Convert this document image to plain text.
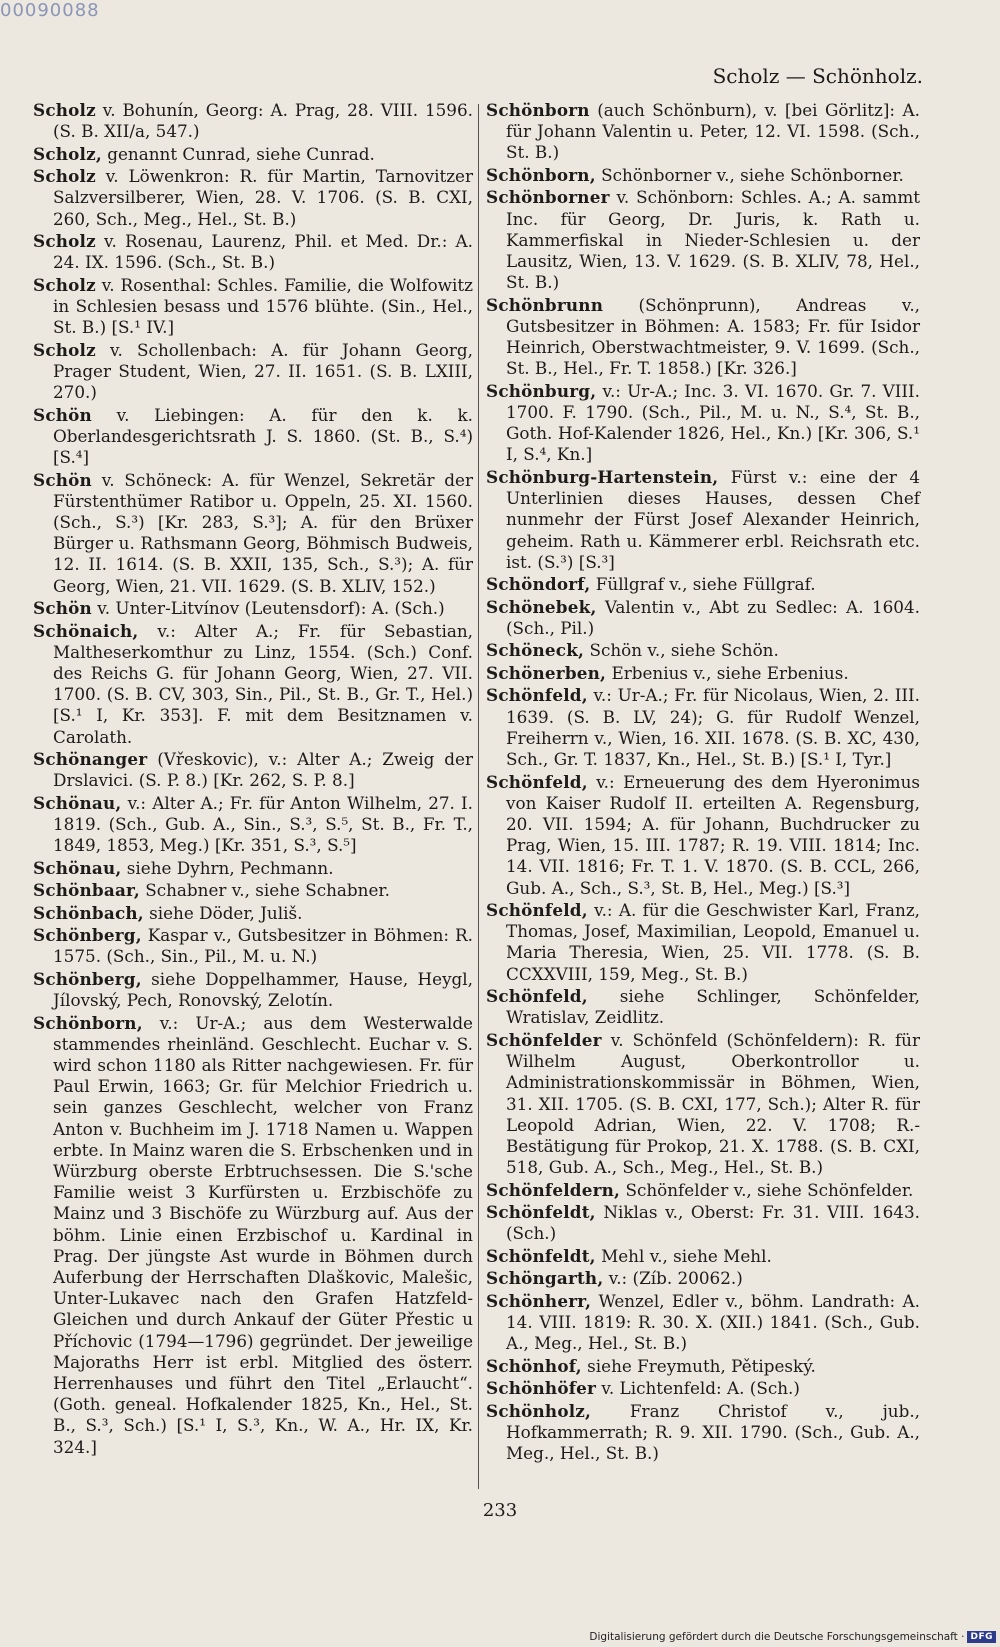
00090088
Scholz — Schönholz.

Scholz v. Bohunín, Georg: A. Prag, 28. VIII. 1596. (S. B. XII/a, 547.)

Scholz, genannt Cunrad, siehe Cunrad.

Scholz v. Löwenkron: R. für Martin, Tarnovitzer Salzversilberer, Wien, 28. V. 1706. (S. B. CXI, 260, Sch., Meg., Hel., St. B.)

Scholz v. Rosenau, Laurenz, Phil. et Med. Dr.: A. 24. IX. 1596. (Sch., St. B.)

Scholz v. Rosenthal: Schles. Familie, die Wolfowitz in Schlesien besass und 1576 blühte. (Sin., Hel., St. B.) [S.¹ IV.]

Scholz v. Schollenbach: A. für Johann Georg, Prager Student, Wien, 27. II. 1651. (S. B. LXIII, 270.)

Schön v. Liebingen: A. für den k. k. Oberlandesgerichtsrath J. S. 1860. (St. B., S.⁴) [S.⁴]

Schön v. Schöneck: A. für Wenzel, Sekretär der Fürstenthümer Ratibor u. Oppeln, 25. XI. 1560. (Sch., S.³) [Kr. 283, S.³]; A. für den Brüxer Bürger u. Rathsmann Georg, Böhmisch Budweis, 12. II. 1614. (S. B. XXII, 135, Sch., S.³); A. für Georg, Wien, 21. VII. 1629. (S. B. XLIV, 152.)

Schön v. Unter-Litvínov (Leutensdorf): A. (Sch.)

Schönaich, v.: Alter A.; Fr. für Sebastian, Maltheserkomthur zu Linz, 1554. (Sch.) Conf. des Reichs G. für Johann Georg, Wien, 27. VII. 1700. (S. B. CV, 303, Sin., Pil., St. B., Gr. T., Hel.) [S.¹ I, Kr. 353]. F. mit dem Besitznamen v. Carolath.

Schönanger (Vřeskovic), v.: Alter A.; Zweig der Drslavici. (S. P. 8.) [Kr. 262, S. P. 8.]

Schönau, v.: Alter A.; Fr. für Anton Wilhelm, 27. I. 1819. (Sch., Gub. A., Sin., S.³, S.⁵, St. B., Fr. T., 1849, 1853, Meg.) [Kr. 351, S.³, S.⁵]

Schönau, siehe Dyhrn, Pechmann.

Schönbaar, Schabner v., siehe Schabner.

Schönbach, siehe Döder, Juliš.

Schönberg, Kaspar v., Gutsbesitzer in Böhmen: R. 1575. (Sch., Sin., Pil., M. u. N.)

Schönberg, siehe Doppelhammer, Hause, Heygl, Jílovský, Pech, Ronovský, Zelotín.

Schönborn, v.: Ur-A.; aus dem Westerwalde stammendes rheinländ. Geschlecht. Euchar v. S. wird schon 1180 als Ritter nachgewiesen. Fr. für Paul Erwin, 1663; Gr. für Melchior Friedrich u. sein ganzes Geschlecht, welcher von Franz Anton v. Buchheim im J. 1718 Namen u. Wappen erbte. In Mainz waren die S. Erbschenken und in Würzburg oberste Erbtruchsessen. Die S.'sche Familie weist 3 Kurfürsten u. Erzbischöfe zu Mainz und 3 Bischöfe zu Würzburg auf. Aus der böhm. Linie einen Erzbischof u. Kardinal in Prag. Der jüngste Ast wurde in Böhmen durch Auferbung der Herrschaften Dlaškovic, Malešic, Unter-Lukavec nach den Grafen Hatzfeld-Gleichen und durch Ankauf der Güter Přestic u Příchovic (1794—1796) gegründet. Der jeweilige Majoraths Herr ist erbl. Mitglied des österr. Herrenhauses und führt den Titel „Erlaucht“. (Goth. geneal. Hofkalender 1825, Kn., Hel., St. B., S.³, Sch.) [S.¹ I, S.³, Kn., W. A., Hr. IX, Kr. 324.]

Schönborn (auch Schönburn), v. [bei Görlitz]: A. für Johann Valentin u. Peter, 12. VI. 1598. (Sch., St. B.)

Schönborn, Schönborner v., siehe Schönborner.

Schönborner v. Schönborn: Schles. A.; A. sammt Inc. für Georg, Dr. Juris, k. Rath u. Kammerfiskal in Nieder-Schlesien u. der Lausitz, Wien, 13. V. 1629. (S. B. XLIV, 78, Hel., St. B.)

Schönbrunn (Schönprunn), Andreas v., Gutsbesitzer in Böhmen: A. 1583; Fr. für Isidor Heinrich, Oberstwachtmeister, 9. V. 1699. (Sch., St. B., Hel., Fr. T. 1858.) [Kr. 326.]

Schönburg, v.: Ur-A.; Inc. 3. VI. 1670. Gr. 7. VIII. 1700. F. 1790. (Sch., Pil., M. u. N., S.⁴, St. B., Goth. Hof-Kalender 1826, Hel., Kn.) [Kr. 306, S.¹ I, S.⁴, Kn.]

Schönburg-Hartenstein, Fürst v.: eine der 4 Unterlinien dieses Hauses, dessen Chef nunmehr der Fürst Josef Alexander Heinrich, geheim. Rath u. Kämmerer erbl. Reichsrath etc. ist. (S.³) [S.³]

Schöndorf, Füllgraf v., siehe Füllgraf.

Schönebek, Valentin v., Abt zu Sedlec: A. 1604. (Sch., Pil.)

Schöneck, Schön v., siehe Schön.

Schönerben, Erbenius v., siehe Erbenius.

Schönfeld, v.: Ur-A.; Fr. für Nicolaus, Wien, 2. III. 1639. (S. B. LV, 24); G. für Rudolf Wenzel, Freiherrn v., Wien, 16. XII. 1678. (S. B. XC, 430, Sch., Gr. T. 1837, Kn., Hel., St. B.) [S.¹ I, Tyr.]

Schönfeld, v.: Erneuerung des dem Hyeronimus von Kaiser Rudolf II. erteilten A. Regensburg, 20. VII. 1594; A. für Johann, Buchdrucker zu Prag, Wien, 15. III. 1787; R. 19. VIII. 1814; Inc. 14. VII. 1816; Fr. T. 1. V. 1870. (S. B. CCL, 266, Gub. A., Sch., S.³, St. B, Hel., Meg.) [S.³]

Schönfeld, v.: A. für die Geschwister Karl, Franz, Thomas, Josef, Maximilian, Leopold, Emanuel u. Maria Theresia, Wien, 25. VII. 1778. (S. B. CCXXVIII, 159, Meg., St. B.)

Schönfeld, siehe Schlinger, Schönfelder, Wratislav, Zeidlitz.

Schönfelder v. Schönfeld (Schönfeldern): R. für Wilhelm August, Oberkontrollor u. Administrationskommissär in Böhmen, Wien, 31. XII. 1705. (S. B. CXI, 177, Sch.); Alter R. für Leopold Adrian, Wien, 22. V. 1708; R.-Bestätigung für Prokop, 21. X. 1788. (S. B. CXI, 518, Gub. A., Sch., Meg., Hel., St. B.)

Schönfeldern, Schönfelder v., siehe Schönfelder.

Schönfeldt, Niklas v., Oberst: Fr. 31. VIII. 1643. (Sch.)

Schönfeldt, Mehl v., siehe Mehl.

Schöngarth, v.: (Zíb. 20062.)

Schönherr, Wenzel, Edler v., böhm. Landrath: A. 14. VIII. 1819: R. 30. X. (XII.) 1841. (Sch., Gub. A., Meg., Hel., St. B.)

Schönhof, siehe Freymuth, Pětipeský.

Schönhöfer v. Lichtenfeld: A. (Sch.)

Schönholz, Franz Christof v., jub., Hofkammerrath; R. 9. XII. 1790. (Sch., Gub. A., Meg., Hel., St. B.)

233
Digitalisierung gefördert durch die Deutsche Forschungsgemeinschaft · DFG
